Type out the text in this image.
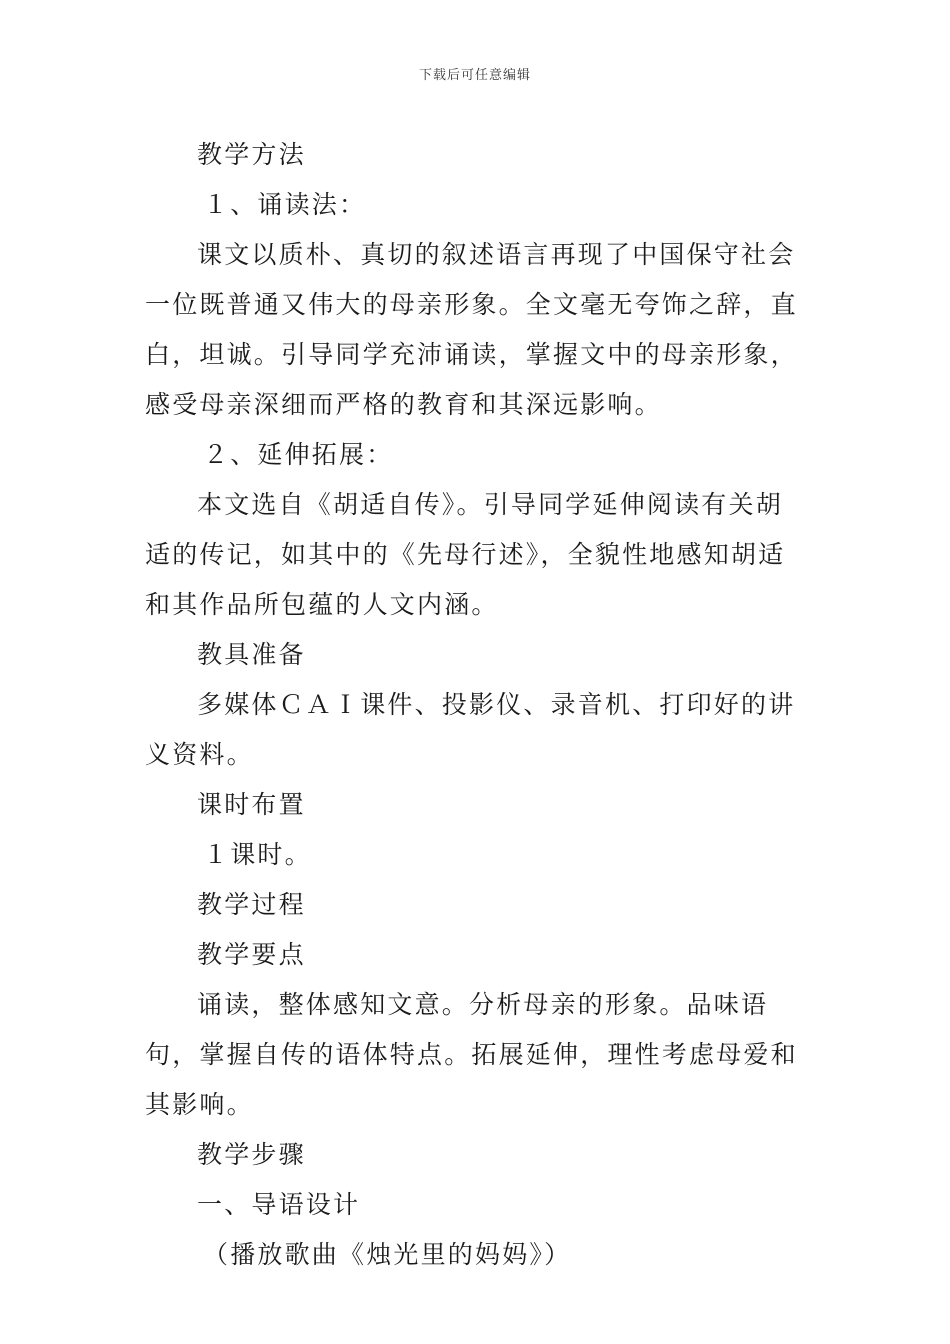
下载后可任意编辑

教学方法

１、诵读法：

课文以质朴、真切的叙述语言再现了中国保守社会一位既普通又伟大的母亲形象。全文毫无夸饰之辞，直白，坦诚。引导同学充沛诵读，掌握文中的母亲形象，感受母亲深细而严格的教育和其深远影响。

２、延伸拓展：

本文选自《胡适自传》。引导同学延伸阅读有关胡适的传记，如其中的《先母行述》，全貌性地感知胡适和其作品所包蕴的人文内涵。

教具准备

多媒体ＣＡＩ课件、投影仪、录音机、打印好的讲义资料。

课时布置

１课时。

教学过程

教学要点

诵读，整体感知文意。分析母亲的形象。品味语句，掌握自传的语体特点。拓展延伸，理性考虑母爱和其影响。

教学步骤

一、导语设计

（播放歌曲《烛光里的妈妈》）
